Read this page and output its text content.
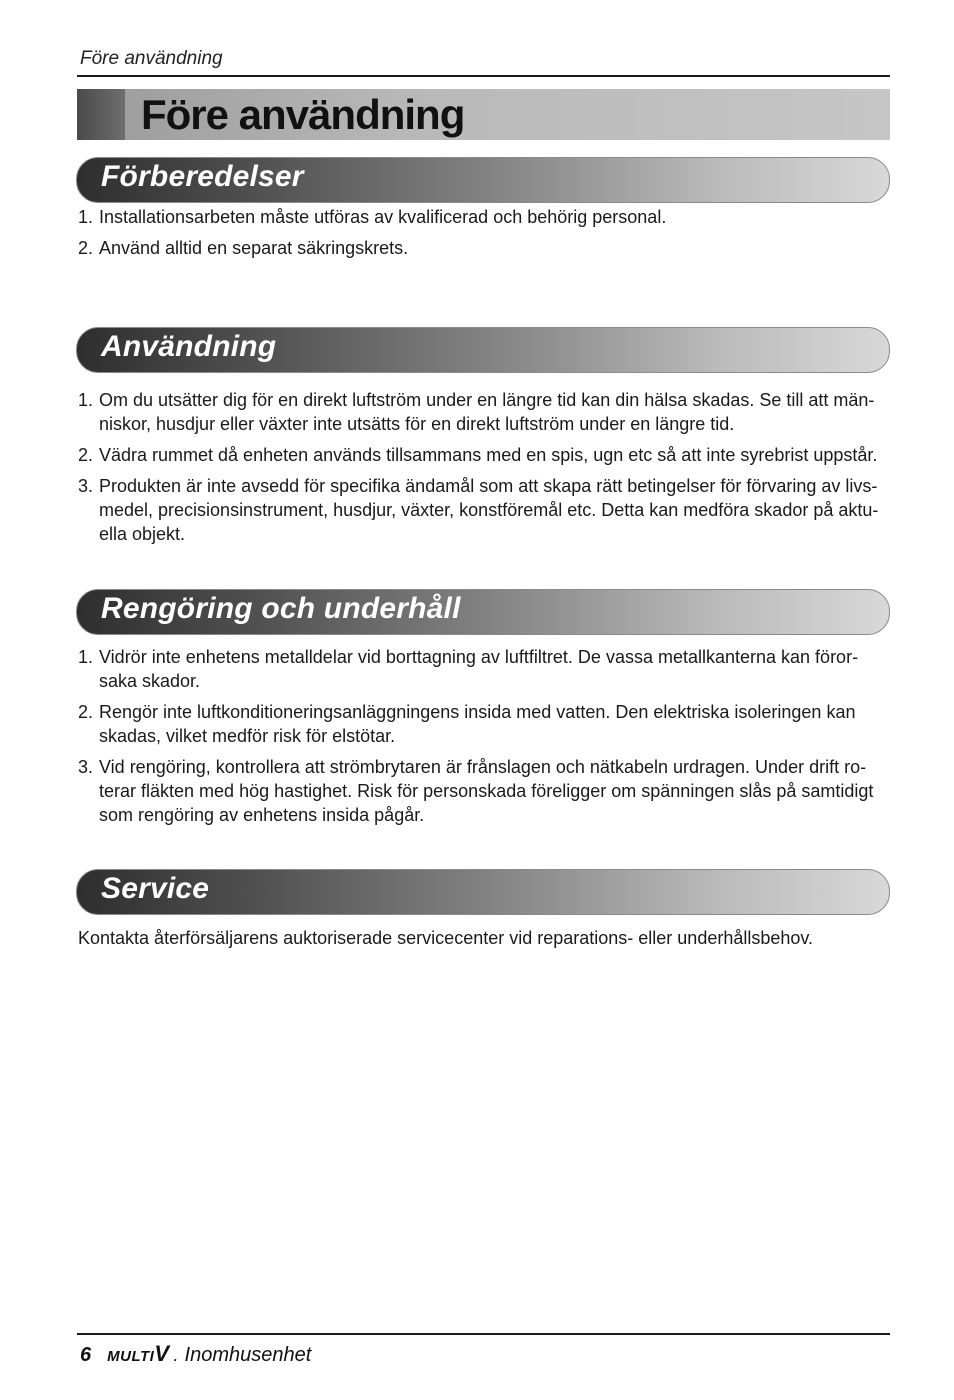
Före användning
Före användning
Förberedelser
1. Installationsarbeten måste utföras av kvalificerad och behörig personal.
2. Använd alltid en separat säkringskrets.
Användning
1. Om du utsätter dig för en direkt luftström under en längre tid kan din hälsa skadas. Se till att män-niskor, husdjur eller växter inte utsätts för en direkt luftström under en längre tid.
2. Vädra rummet då enheten används tillsammans med en spis, ugn etc så att inte syrebrist uppstår.
3. Produkten är inte avsedd för specifika ändamål som att skapa rätt betingelser för förvaring av livs-medel, precisionsinstrument, husdjur, växter, konstföremål etc. Detta kan medföra skador på aktu-ella objekt.
Rengöring och underhåll
1. Vidrör inte enhetens metalldelar vid borttagning av luftfiltret. De vassa metallkanterna kan föror-saka skador.
2. Rengör inte luftkonditioneringsanläggningens insida med vatten. Den elektriska isoleringen kan skadas, vilket medför risk för elstötar.
3. Vid rengöring, kontrollera att strömbrytaren är frånslagen och nätkabeln urdragen. Under drift ro-terar fläkten med hög hastighet. Risk för personskada föreligger om spänningen slås på samtidigt som rengöring av enhetens insida pågår.
Service
Kontakta återförsäljarens auktoriserade servicecenter vid reparations- eller underhållsbehov.
6 MULTIV . Inomhusenhet
